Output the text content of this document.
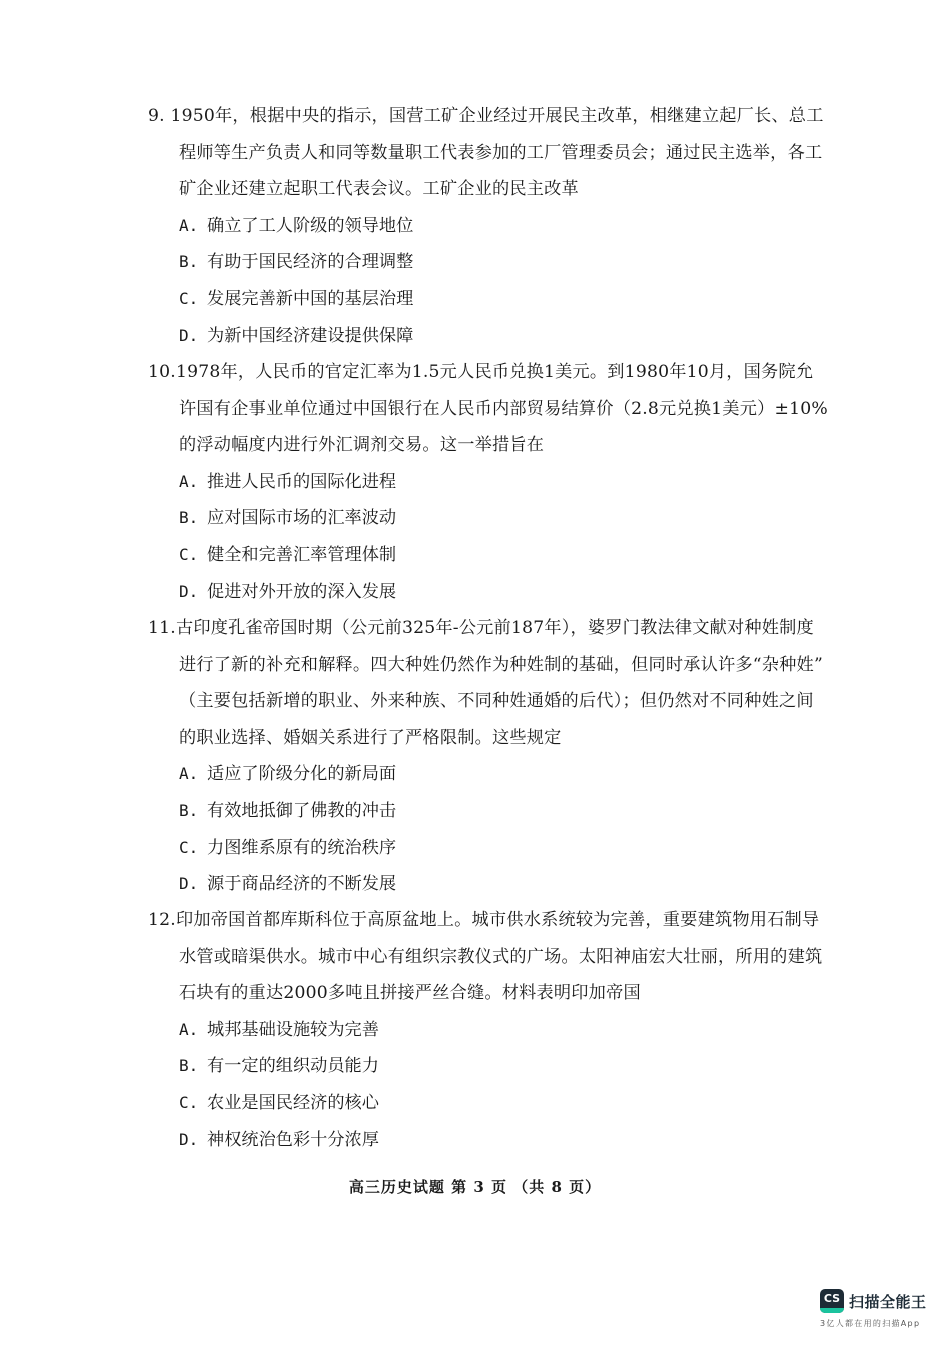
9. 1950年，根据中央的指示，国营工矿企业经过开展民主改革，相继建立起厂长、总工
程师等生产负责人和同等数量职工代表参加的工厂管理委员会；通过民主选举，各工
矿企业还建立起职工代表会议。工矿企业的民主改革
A. 确立了工人阶级的领导地位
B. 有助于国民经济的合理调整
C. 发展完善新中国的基层治理
D. 为新中国经济建设提供保障
10.1978年，人民币的官定汇率为1.5元人民币兑换1美元。到1980年10月，国务院允
许国有企事业单位通过中国银行在人民币内部贸易结算价（2.8元兑换1美元）±10%
的浮动幅度内进行外汇调剂交易。这一举措旨在
A. 推进人民币的国际化进程
B. 应对国际市场的汇率波动
C. 健全和完善汇率管理体制
D. 促进对外开放的深入发展
11.古印度孔雀帝国时期（公元前325年-公元前187年），婆罗门教法律文献对种姓制度
进行了新的补充和解释。四大种姓仍然作为种姓制的基础，但同时承认许多“杂种姓”
（主要包括新增的职业、外来种族、不同种姓通婚的后代）；但仍然对不同种姓之间
的职业选择、婚姻关系进行了严格限制。这些规定
A. 适应了阶级分化的新局面
B. 有效地抵御了佛教的冲击
C. 力图维系原有的统治秩序
D. 源于商品经济的不断发展
12.印加帝国首都库斯科位于高原盆地上。城市供水系统较为完善，重要建筑物用石制导
水管或暗渠供水。城市中心有组织宗教仪式的广场。太阳神庙宏大壮丽，所用的建筑
石块有的重达2000多吨且拼接严丝合缝。材料表明印加帝国
A. 城邦基础设施较为完善
B. 有一定的组织动员能力
C. 农业是国民经济的核心
D. 神权统治色彩十分浓厚
高三历史试题 第 3 页 （共 8 页）
CS 扫描全能王
3亿人都在用的扫描App
